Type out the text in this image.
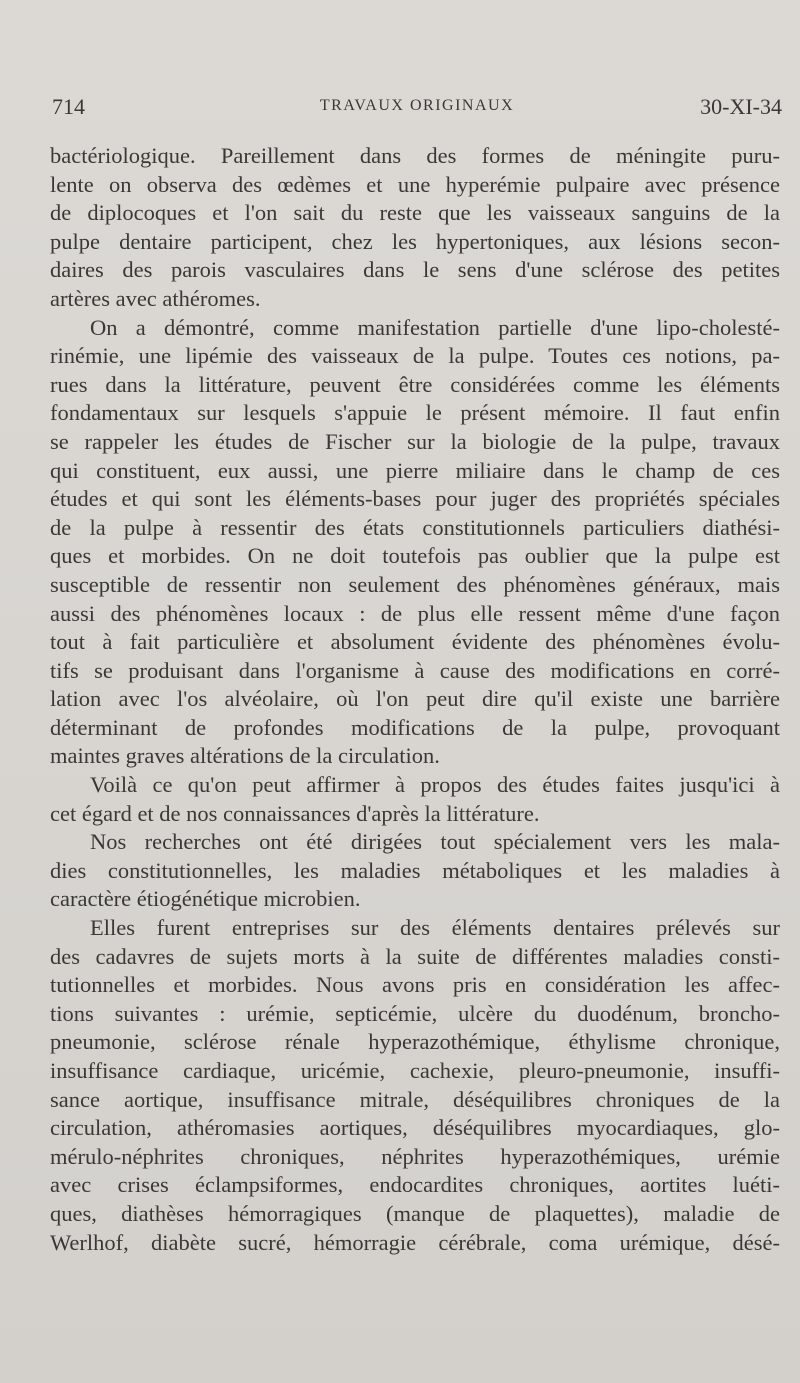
714	TRAVAUX ORIGINAUX	30-XI-34

bactériologique. Pareillement dans des formes de méningite puru-
lente on observa des œdèmes et une hyperémie pulpaire avec présence
de diplocoques et l'on sait du reste que les vaisseaux sanguins de la
pulpe dentaire participent, chez les hypertoniques, aux lésions secon-
daires des parois vasculaires dans le sens d'une sclérose des petites
artères avec athéromes.

On a démontré, comme manifestation partielle d'une lipo-cholesté-
rinémie, une lipémie des vaisseaux de la pulpe. Toutes ces notions, pa-
rues dans la littérature, peuvent être considérées comme les éléments
fondamentaux sur lesquels s'appuie le présent mémoire. Il faut enfin
se rappeler les études de Fischer sur la biologie de la pulpe, travaux
qui constituent, eux aussi, une pierre miliaire dans le champ de ces
études et qui sont les éléments-bases pour juger des propriétés spéciales
de la pulpe à ressentir des états constitutionnels particuliers diathési-
ques et morbides. On ne doit toutefois pas oublier que la pulpe est
susceptible de ressentir non seulement des phénomènes généraux, mais
aussi des phénomènes locaux : de plus elle ressent même d'une façon
tout à fait particulière et absolument évidente des phénomènes évolu-
tifs se produisant dans l'organisme à cause des modifications en corré-
lation avec l'os alvéolaire, où l'on peut dire qu'il existe une barrière
déterminant de profondes modifications de la pulpe, provoquant
maintes graves altérations de la circulation.

Voilà ce qu'on peut affirmer à propos des études faites jusqu'ici à
cet égard et de nos connaissances d'après la littérature.

Nos recherches ont été dirigées tout spécialement vers les mala-
dies constitutionnelles, les maladies métaboliques et les maladies à
caractère étiogénétique microbien.

Elles furent entreprises sur des éléments dentaires prélevés sur
des cadavres de sujets morts à la suite de différentes maladies consti-
tutionnelles et morbides. Nous avons pris en considération les affec-
tions suivantes : urémie, septicémie, ulcère du duodénum, broncho-
pneumonie, sclérose rénale hyperazothémique, éthylisme chronique,
insuffisance cardiaque, uricémie, cachexie, pleuro-pneumonie, insuffi-
sance aortique, insuffisance mitrale, déséquilibres chroniques de la
circulation, athéromasies aortiques, déséquilibres myocardiaques, glo-
mérulo-néphrites chroniques, néphrites hyperazothémiques, urémie
avec crises éclampsiformes, endocardites chroniques, aortites luéti-
ques, diathèses hémorragiques (manque de plaquettes), maladie de
Werlhof, diabète sucré, hémorragie cérébrale, coma urémique, désé-
